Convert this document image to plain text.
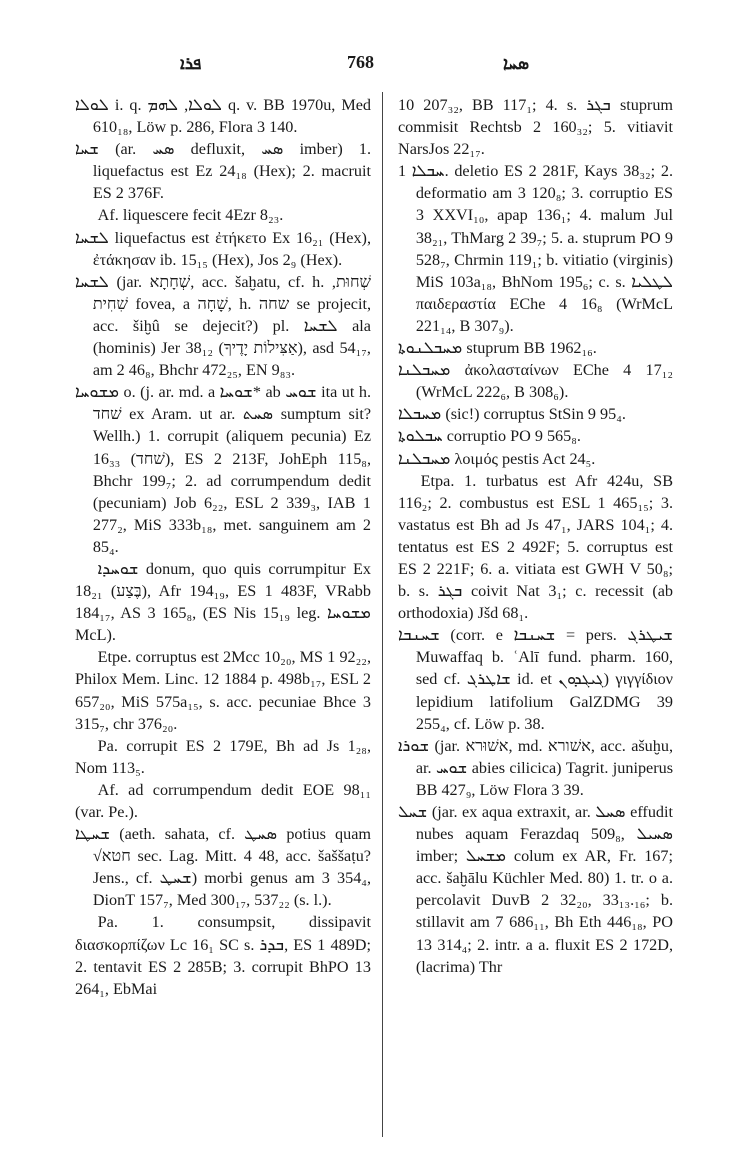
ܦܪܐ	768	ܣܚܐ

ܠܘܠܐ i. q. ܠܘܠܐ, ܠܗܡ q. v. BB 1970u, Med 610₁₈, Löw p. 286, Flora 3 140.

ܫܚܐ (ar. ܣܚ defluxit, ܣܚ imber) 1. liquefactus est Ez 24₁₈ (Hex); 2. macruit ES 2 376F.

Af. liquescere fecit 4Ezr 8₂₃.

ܠܫܚܐ liquefactus est ἐτήκετο Ex 16₂₁ (Hex), ἐτάκησαν ib. 15₁₅ (Hex), Jos 2₉ (Hex).

ܠܫܚܐ (jar. שְׁחָתָא, acc. šaḫatu, cf. h. שְׁחוּת, שִׁחִית fovea, a שָׁחָה, h. שחה se projecit, acc. šiḫû se dejecit?) pl. ܠܫܚܐ ala (hominis) Jer 38₁₂ (אַצִּילוֹת יָדֶיךָ), asd 54₁₇, am 2 46₈, Bhchr 472₂₅, EN 9₈₃.

ܡܫܘܚܐ o. (j. ar. md. a ܫܘܚܐ* ab ܫܘܚ ita ut h. שׁחד ex Aram. ut ar. ܣܚܬ sumptum sit? Wellh.) 1. corrupit (aliquem pecunia) Ez 16₃₃ (שׁחד), ES 2 213F, JohEph 115₈, Bhchr 199₇; 2. ad corrumpendum dedit (pecuniam) Job 6₂₂, ESL 2 339₃, IAB 1 277₂, MiS 333b₁₈, met. sanguinem am 2 85₄.

ܫܘܚܕܐ donum, quo quis corrumpitur Ex 18₂₁ (בֶּצַע), Afr 194₁₉, ES 1 483F, VRabb 184₁₇, AS 3 165₈, (ES Nis 15₁₉ leg. ܡܫܘܚܐ McL).

Etpe. corruptus est 2Mcc 10₂₀, MS 1 92₂₂, Philox Mem. Linc. 12 1884 p. 498b₁₇, ESL 2 657₂₀, MiS 575a₁₅, s. acc. pecuniae Bhce 3 315₇, chr 376₂₀.

Pa. corrupit ES 2 179E, Bh ad Js 1₂₈, Nom 113₅.

Af. ad corrumpendum dedit EOE 98₁₁ (var. Pe.).

ܫܚܛܐ (aeth. sahata, cf. ܣܚܛ potius quam √חטא sec. Lag. Mitt. 4 48, acc. šaššaṭu? Jens., cf. ܫܚܛ) morbi genus am 3 354₄, DionT 157₇, Med 300₁₇, 537₂₂ (s. l.).

Pa. 1. consumpsit, dissipavit διασκορπίζων Lc 16₁ SC s. ܒܕܪ, ES 1 489D; 2. tentavit ES 2 285B; 3. corrupit BhPO 13 264₁, EbMai

10 207₃₂, BB 117₁; 4. s. ܒܓܪ stuprum commisit Rechtsb 2 160₃₂; 5. vitiavit NarsJos 22₁₇.

ܚܒܠܐ 1. deletio ES 2 281F, Kays 38₃₂; 2. deformatio am 3 120₈; 3. corruptio ES 3 XXVI₁₀, apap 136₁; 4. malum Jul 38₂₁, ThMarg 2 39₇; 5. a. stuprum PO 9 528₇, Chrmin 119₁; b. vitiatio (virginis) MiS 103a₁₈, BhNom 195₆; c. s. ܠܛܠܝܐ παιδεραστία EChe 4 16₈ (WrMcL 221₁₄, B 307₉).

ܡܚܒܠܢܘܬܐ stuprum BB 1962₁₆.

ܡܚܒܠܢܐ ἀκολασταίνων EChe 4 17₁₂ (WrMcL 222₆, B 308₆).

ܡܚܒܠܐ (sic!) corruptus StSin 9 95₄.

ܚܒܠܘܬܐ corruptio PO 9 565₈.

ܡܚܒܠܢܐ λοιμός pestis Act 24₅.

Etpa. 1. turbatus est Afr 424u, SB 116₂; 2. combustus est ESL 1 465₁₅; 3. vastatus est Bh ad Js 47₁, JARS 104₁; 4. tentatus est ES 2 492F; 5. corruptus est ES 2 221F; 6. a. vitiata est GWH V 50₈; b. s. ܒܓܪ coivit Nat 3₁; c. recessit (ab orthodoxia) Jšd 68₁.

ܫܚܢܒܐ (corr. e ܫܚܢܒܐ = pers. ܫܝܛܪܓ Muwaffaq b. ʿAlī fund. pharm. 160, sed cf. ܫܐܛܪܓ id. et ܓܝܓܕܘܢ) γιγγίδιον lepidium latifolium GalZDMG 39 255₄, cf. Löw p. 38.

ܫܘܪܐ (jar. אשׁוּרא, md. אשׁורא, acc. ašuḫu, ar. ܫܘܚ abies cilicica) Tagrit. juniperus BB 427₉, Löw Flora 3 39.

ܫܚܠ (jar. ex aqua extraxit, ar. ܣܚܠ effudit nubes aquam Ferazdaq 509₈, ܣܚܝܠ imber; ܡܫܚܠ colum ex AR, Fr. 167; acc. šaḫālu Küchler Med. 80) 1. tr. o a. percolavit DuvB 2 32₂₀, 33₁₃.₁₆; b. stillavit am 7 686₁₁, Bh Eth 446₁₈, PO 13 314₄; 2. intr. a a. fluxit ES 2 172D, (lacrima) Thr
